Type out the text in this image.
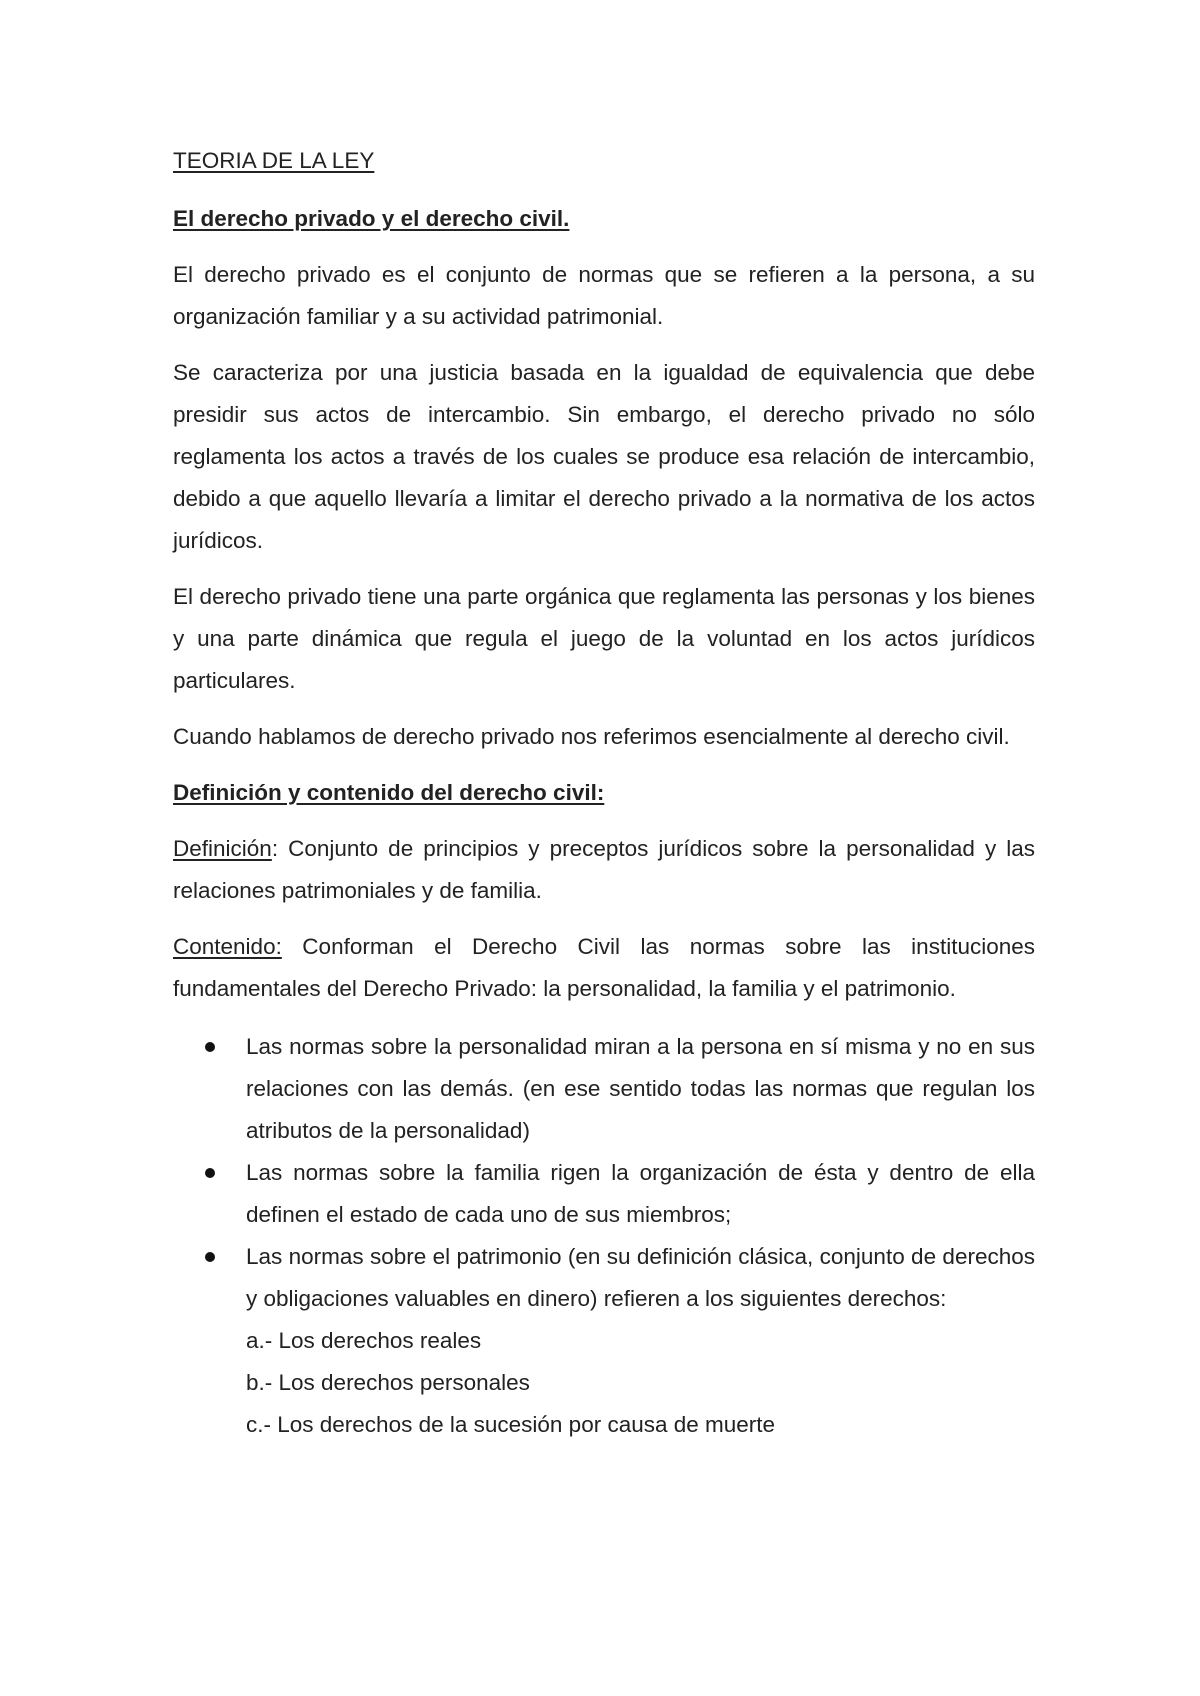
TEORIA DE LA LEY
El derecho privado y el derecho civil.

El derecho privado es el conjunto de normas que se refieren a la persona, a su organización familiar y a su actividad patrimonial.

Se caracteriza por una justicia basada en la igualdad de equivalencia que debe presidir sus actos de intercambio. Sin embargo, el derecho privado no sólo reglamenta los actos a través de los cuales se produce esa relación de intercambio, debido a que aquello llevaría a limitar el derecho privado a la normativa de los actos jurídicos.

El derecho privado tiene una parte orgánica que reglamenta las personas y los bienes y una parte dinámica que regula el juego de la voluntad en los actos jurídicos particulares.

Cuando hablamos de derecho privado nos referimos esencialmente al derecho civil.

Definición y contenido del derecho civil:

Definición: Conjunto de principios y preceptos jurídicos sobre la personalidad y las relaciones patrimoniales y de familia.

Contenido: Conforman el Derecho Civil las normas sobre las instituciones fundamentales del Derecho Privado: la personalidad, la familia y el patrimonio.

Las normas sobre la personalidad miran a la persona en sí misma y no en sus relaciones con las demás. (en ese sentido todas las normas que regulan los atributos de la personalidad)
Las normas sobre la familia rigen la organización de ésta y dentro de ella definen el estado de cada uno de sus miembros;
Las normas sobre el patrimonio (en su definición clásica, conjunto de derechos y obligaciones valuables en dinero) refieren a los siguientes derechos:
a.- Los derechos reales
b.- Los derechos personales
c.- Los derechos de la sucesión por causa de muerte
